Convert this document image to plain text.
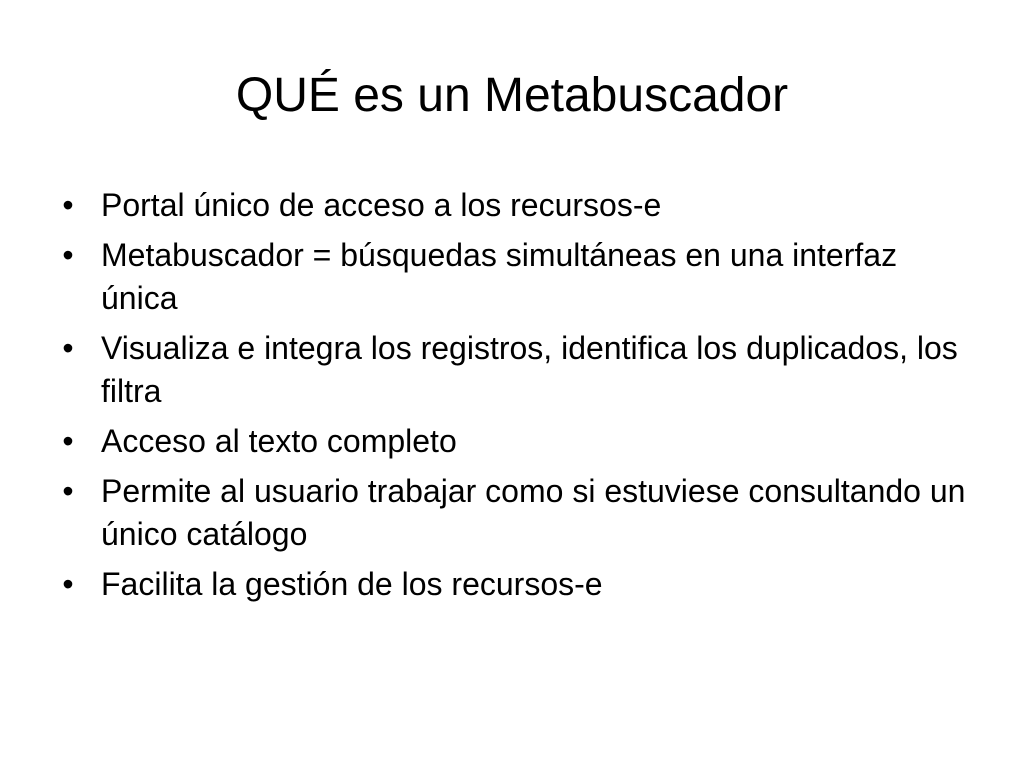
QUÉ es un Metabuscador
• Portal único de acceso a los recursos-e
• Metabuscador = búsquedas simultáneas en una interfaz única
• Visualiza e integra los registros, identifica los duplicados, los filtra
• Acceso al texto completo
• Permite al usuario trabajar como si estuviese consultando un único catálogo
• Facilita la gestión de los recursos-e
